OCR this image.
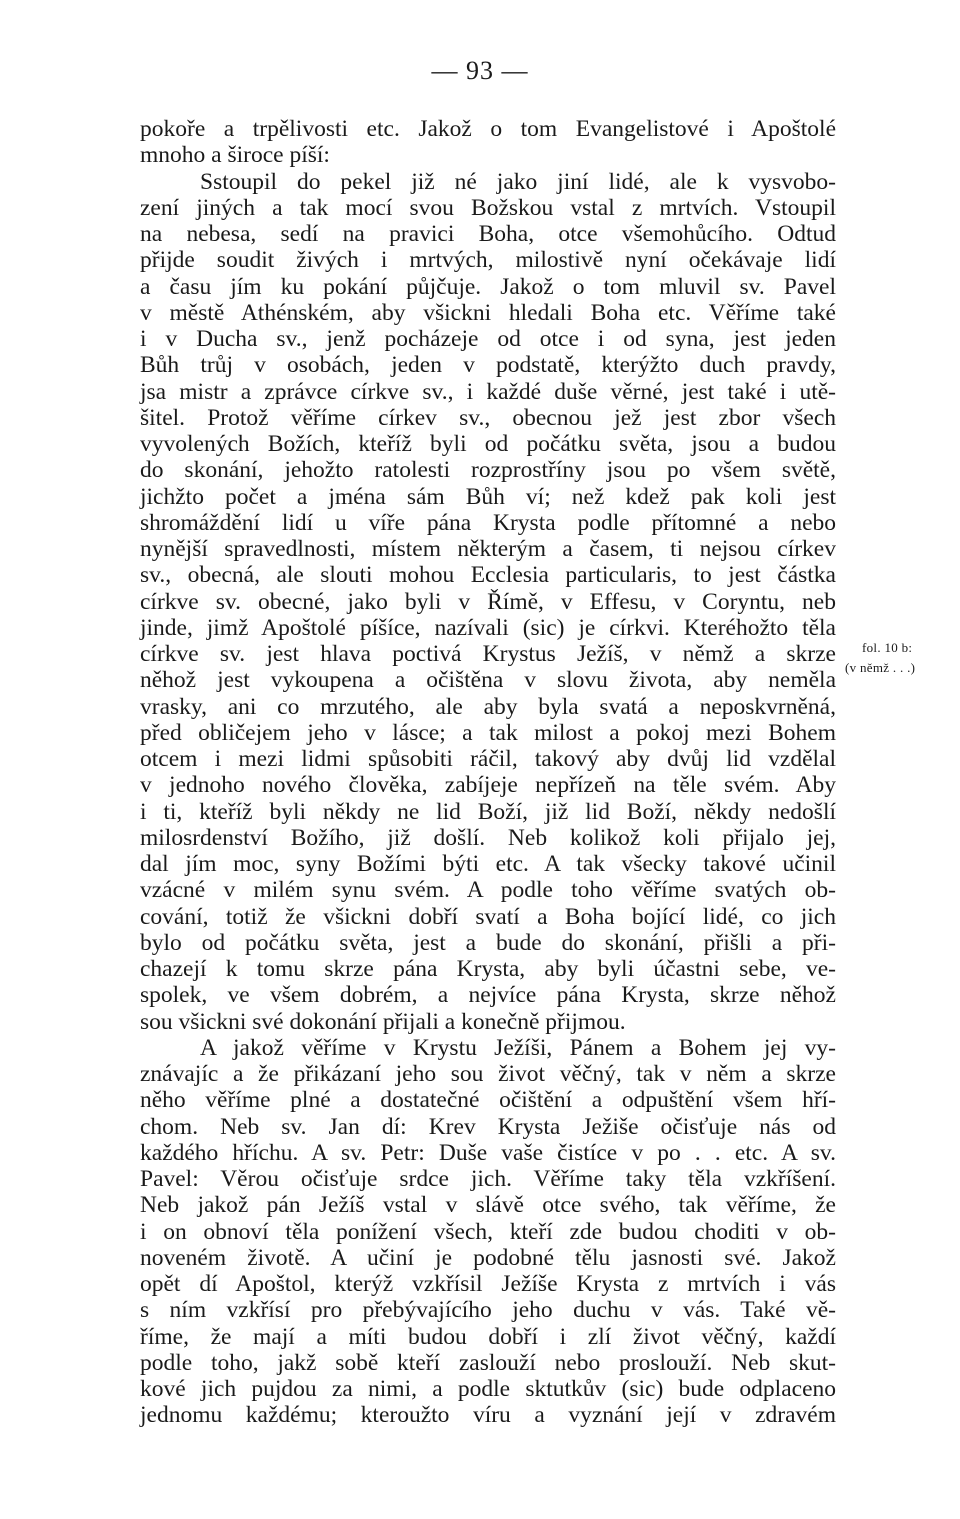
— 93 —
pokoře a trpělivosti etc. Jakož o tom Evangelistové i Apoštolé
mnoho a široce píší:
Sstoupil do pekel již né jako jiní lidé, ale k vysvobo-
zení jiných a tak mocí svou Božskou vstal z mrtvích. Vstoupil
na nebesa, sedí na pravici Boha, otce všemohůcího. Odtud
přijde soudit živých i mrtvých, milostivě nyní očekávaje lidí
a času jím ku pokání půjčuje. Jakož o tom mluvil sv. Pavel
v městě Athénském, aby všickni hledali Boha etc. Věříme také
i v Ducha sv., jenž pocházeje od otce i od syna, jest jeden
Bůh trůj v osobách, jeden v podstatě, kterýžto duch pravdy,
jsa mistr a zprávce církve sv., i každé duše věrné, jest také i utě-
šitel. Protož věříme církev sv., obecnou jež jest zbor všech
vyvolených Božích, kteříž byli od počátku světa, jsou a budou
do skonání, jehožto ratolesti rozprostříny jsou po všem světě,
jichžto počet a jména sám Bůh ví; než kdež pak koli jest
shromáždění lidí u víře pána Krysta podle přítomné a nebo
nynější spravedlnosti, místem některým a časem, ti nejsou církev
sv., obecná, ale slouti mohou Ecclesia particularis, to jest částka
církve sv. obecné, jako byli v Římě, v Effesu, v Coryntu, neb
jinde, jimž Apoštolé píšíce, nazívali (sic) je církvi. Kteréhožto těla
církve sv. jest hlava poctivá Krystus Ježíš, v němž a skrze
něhož jest vykoupena a očištěna v slovu života, aby neměla
vrasky, ani co mrzutého, ale aby byla svatá a neposkvrněná,
před obličejem jeho v lásce; a tak milost a pokoj mezi Bohem
otcem i mezi lidmi spůsobiti ráčil, takový aby dvůj lid vzdělal
v jednoho nového člověka, zabíjeje nepřízeň na těle svém. Aby
i ti, kteříž byli někdy ne lid Boží, již lid Boží, někdy nedošlí
milosrdenství Božího, již došlí. Neb kolikož koli přijalo jej,
dal jím moc, syny Božími býti etc. A tak všecky takové učinil
vzácné v milém synu svém. A podle toho věříme svatých ob-
cování, totiž že všickni dobří svatí a Boha bojící lidé, co jich
bylo od počátku světa, jest a bude do skonání, přišli a při-
chazejí k tomu skrze pána Krysta, aby byli účastni sebe, ve-
spolek, ve všem dobrém, a nejvíce pána Krysta, skrze něhož
sou všickni své dokonání přijali a konečně přijmou.
A jakož věříme v Krystu Ježíši, Pánem a Bohem jej vy-
znávajíc a že přikázaní jeho sou život věčný, tak v něm a skrze
něho věříme plné a dostatečné očištění a odpuštění všem hří-
chom. Neb sv. Jan dí: Krev Krysta Ježiše očisťuje nás od
každého hříchu. A sv. Petr: Duše vaše čistíce v po . . etc. A sv.
Pavel: Věrou očisťuje srdce jich. Věříme taky těla vzkříšení.
Neb jakož pán Ježíš vstal v slávě otce svého, tak věříme, že
i on obnoví těla ponížení všech, kteří zde budou choditi v ob-
noveném životě. A učiní je podobné tělu jasnosti své. Jakož
opět dí Apoštol, kterýž vzkřísil Ježíše Krysta z mrtvích i vás
s ním vzkřísí pro přebývajícího jeho duchu v vás. Také vě-
říme, že mají a míti budou dobří i zlí život věčný, každí
podle toho, jakž sobě kteří zaslouží nebo proslouží. Neb skut-
kové jich pujdou za nimi, a podle sktutkův (sic) bude odplaceno
jednomu každému; kteroužto víru a vyznání její v zdravém
fol. 10 b:
(v němž . . .)
